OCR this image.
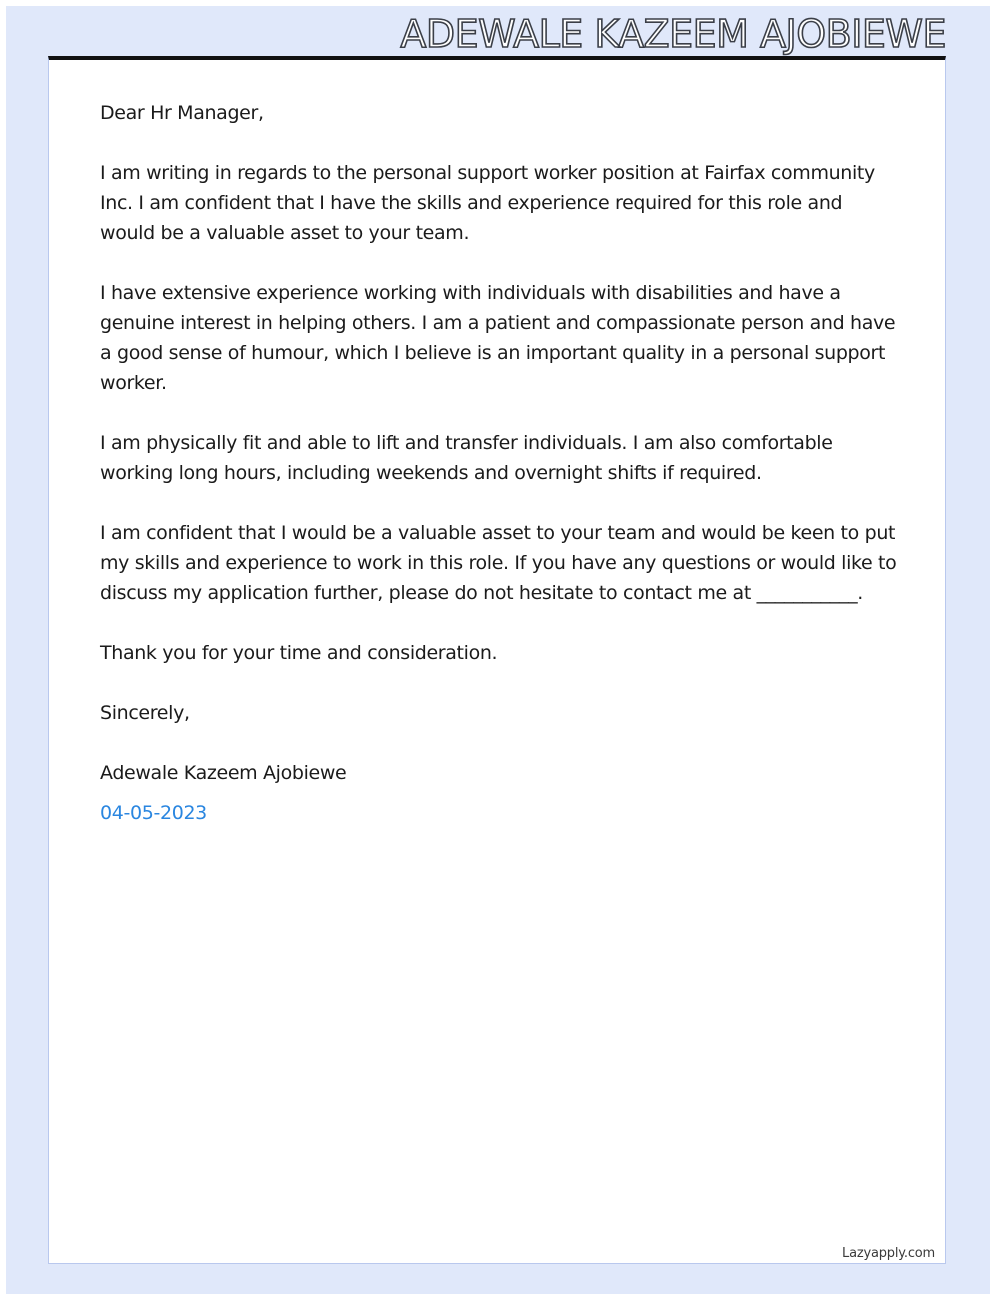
ADEWALE KAZEEM AJOBIEWE

Dear Hr Manager,

I am writing in regards to the personal support worker position at Fairfax community Inc. I am confident that I have the skills and experience required for this role and would be a valuable asset to your team.

I have extensive experience working with individuals with disabilities and have a genuine interest in helping others. I am a patient and compassionate person and have a good sense of humour, which I believe is an important quality in a personal support worker.

I am physically fit and able to lift and transfer individuals. I am also comfortable working long hours, including weekends and overnight shifts if required.

I am confident that I would be a valuable asset to your team and would be keen to put my skills and experience to work in this role. If you have any questions or would like to discuss my application further, please do not hesitate to contact me at ___________.

Thank you for your time and consideration.

Sincerely,

Adewale Kazeem Ajobiewe

04-05-2023

Lazyapply.com
